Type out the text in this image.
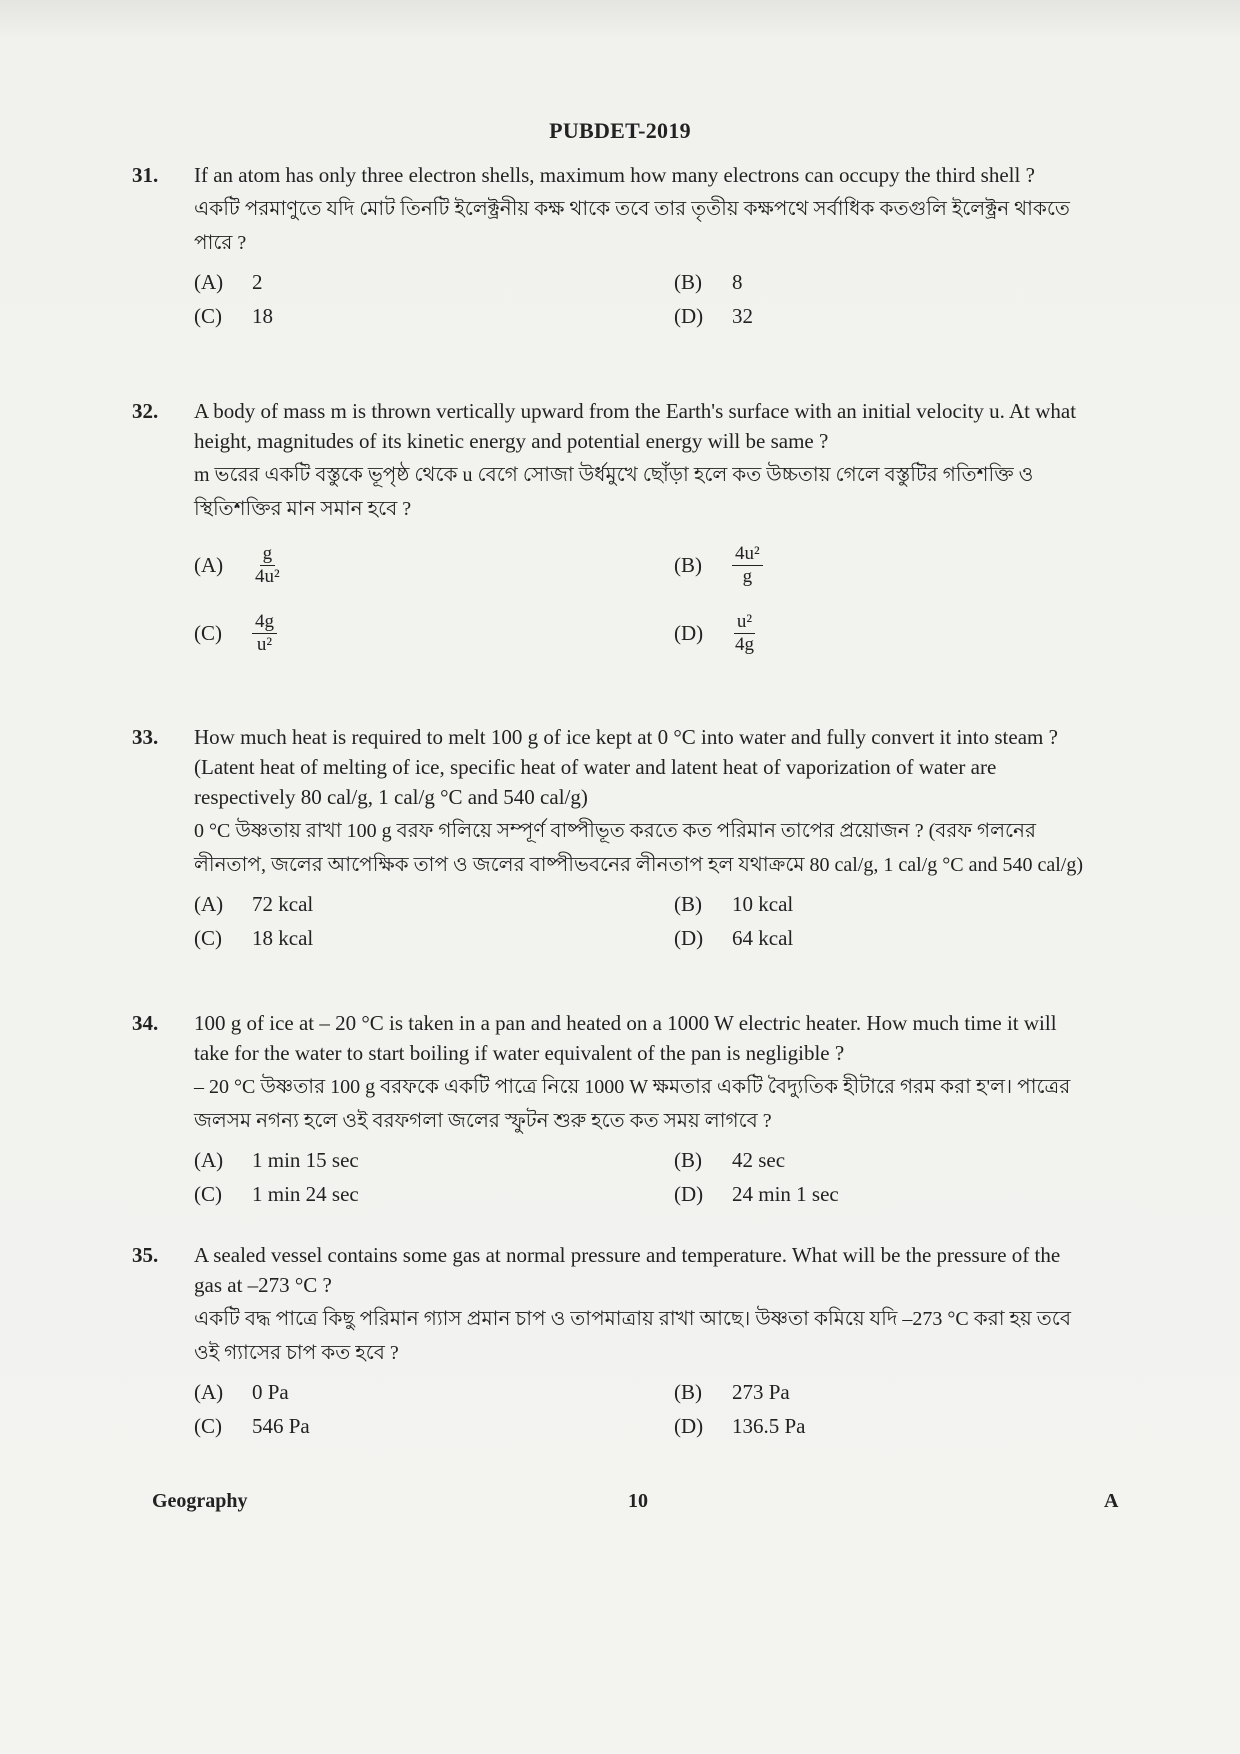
PUBDET-2019
31.	If an atom has only three electron shells, maximum how many electrons can occupy the third shell ?
একটি পরমাণুতে যদি মোট তিনটি ইলেক্ট্রনীয় কক্ষ থাকে তবে তার তৃতীয় কক্ষপথে সর্বাধিক কতগুলি ইলেক্ট্রন থাকতে পারে ?
(A)	2	(B)	8
(C)	18	(D)	32
32.	A body of mass m is thrown vertically upward from the Earth's surface with an initial velocity u. At what height, magnitudes of its kinetic energy and potential energy will be same ?
m ভরের একটি বস্তুকে ভূপৃষ্ঠ থেকে u বেগে সোজা উর্ধমুখে ছোঁড়া হলে কত উচ্চতায় গেলে বস্তুটির গতিশক্তি ও স্থিতিশক্তির মান সমান হবে ?
(A)	$\frac{g}{\text{4u²}}$	(B)	$\frac{\text{4u²}}{g}$
(C)	$\frac{4g}{\text{u²}}$	(D)	$\frac{\text{u²}}{4g}$
33.	How much heat is required to melt 100 g of ice kept at 0 °C into water and fully convert it into steam ? (Latent heat of melting of ice, specific heat of water and latent heat of vaporization of water are respectively 80 cal/g, 1 cal/g °C and 540 cal/g)
0 °C উষ্ণতায় রাখা 100 g বরফ গলিয়ে সম্পূর্ণ বাষ্পীভূত করতে কত পরিমান তাপের প্রয়োজন ? (বরফ গলনের লীনতাপ, জলের আপেক্ষিক তাপ ও জলের বাষ্পীভবনের লীনতাপ হল যথাক্রমে 80 cal/g, 1 cal/g °C and 540 cal/g)
(A)	72 kcal	(B)	10 kcal
(C)	18 kcal	(D)	64 kcal
34.	100 g of ice at – 20 °C is taken in a pan and heated on a 1000 W electric heater. How much time it will take for the water to start boiling if water equivalent of the pan is negligible ?
– 20 °C উষ্ণতার 100 g বরফকে একটি পাত্রে নিয়ে 1000 W ক্ষমতার একটি বৈদ্যুতিক হীটারে গরম করা হ'ল। পাত্রের জলসম নগন্য হলে ওই বরফগলা জলের স্ফুটন শুরু হতে কত সময় লাগবে ?
(A)	1 min 15 sec	(B)	42 sec
(C)	1 min 24 sec	(D)	24 min 1 sec
35.	A sealed vessel contains some gas at normal pressure and temperature. What will be the pressure of the gas at –273 °C ?
একটি বদ্ধ পাত্রে কিছু পরিমান গ্যাস প্রমান চাপ ও তাপমাত্রায় রাখা আছে। উষ্ণতা কমিয়ে যদি –273 °C করা হয় তবে ওই গ্যাসের চাপ কত হবে ?
(A)	0 Pa	(B)	273 Pa
(C)	546 Pa	(D)	136.5 Pa
Geography	10	A
